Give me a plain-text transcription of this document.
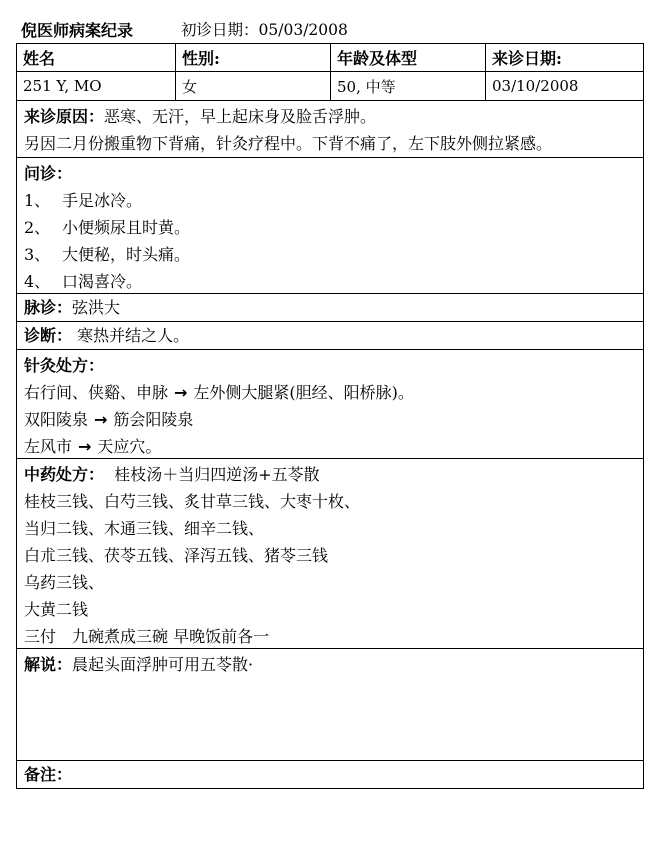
倪医师病案纪录	初诊日期：05/03/2008
姓名	性别:	年龄及体型	来诊日期:
251 Y, MO	女	50, 中等	03/10/2008
来诊原因：恶寒、无汗，早上起床身及脸舌浮肿。
另因二月份搬重物下背痛，针灸疗程中。下背不痛了，左下肢外侧拉紧感。
问诊：
1、 手足冰冷。
2、 小便频尿且时黄。
3、 大便秘，时头痛。
4、 口渴喜冷。
脉诊：弦洪大
诊断： 寒热并结之人。
针灸处方：
右行间、侠谿、申脉 → 左外侧大腿紧(胆经、阳桥脉)。
双阳陵泉 → 筋会阳陵泉
左风市 → 天应穴。
中药处方： 桂枝汤＋当归四逆汤+五苓散
桂枝三钱、白芍三钱、炙甘草三钱、大枣十枚、
当归二钱、木通三钱、细辛二钱、
白朮三钱、茯苓五钱、泽泻五钱、猪苓三钱
乌药三钱、
大黄二钱
三付　九碗煮成三碗 早晚饭前各一
解说：晨起头面浮肿可用五苓散·
备注：
